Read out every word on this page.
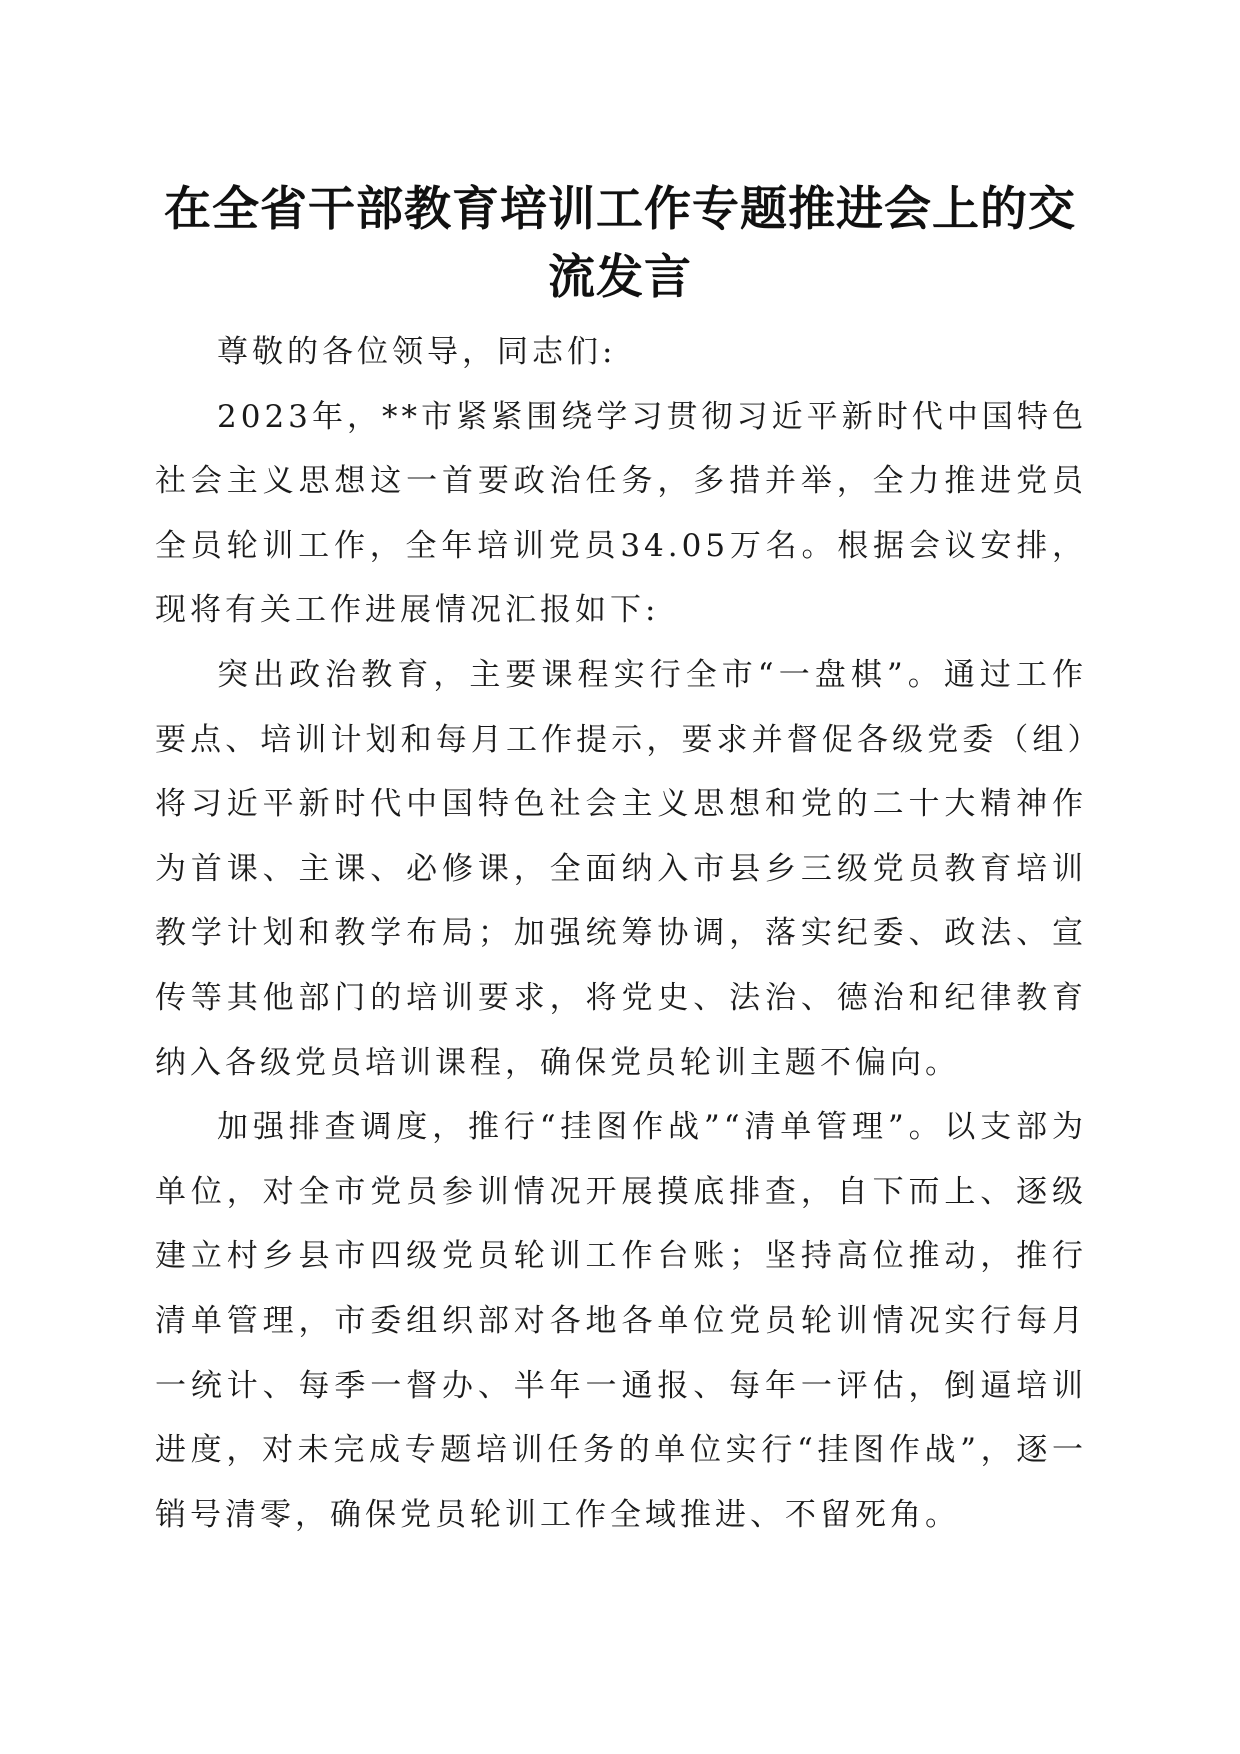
在全省干部教育培训工作专题推进会上的交流发言

尊敬的各位领导，同志们:

2023年，**市紧紧围绕学习贯彻习近平新时代中国特色社会主义思想这一首要政治任务，多措并举，全力推进党员全员轮训工作，全年培训党员34.05万名。根据会议安排，现将有关工作进展情况汇报如下:

突出政治教育，主要课程实行全市“一盘棋”。通过工作要点、培训计划和每月工作提示，要求并督促各级党委（组）将习近平新时代中国特色社会主义思想和党的二十大精神作为首课、主课、必修课，全面纳入市县乡三级党员教育培训教学计划和教学布局；加强统筹协调，落实纪委、政法、宣传等其他部门的培训要求，将党史、法治、德治和纪律教育纳入各级党员培训课程，确保党员轮训主题不偏向。

加强排查调度，推行“挂图作战”“清单管理”。以支部为单位，对全市党员参训情况开展摸底排查，自下而上、逐级建立村乡县市四级党员轮训工作台账；坚持高位推动，推行清单管理，市委组织部对各地各单位党员轮训情况实行每月一统计、每季一督办、半年一通报、每年一评估，倒逼培训进度，对未完成专题培训任务的单位实行“挂图作战”，逐一销号清零，确保党员轮训工作全域推进、不留死角。
